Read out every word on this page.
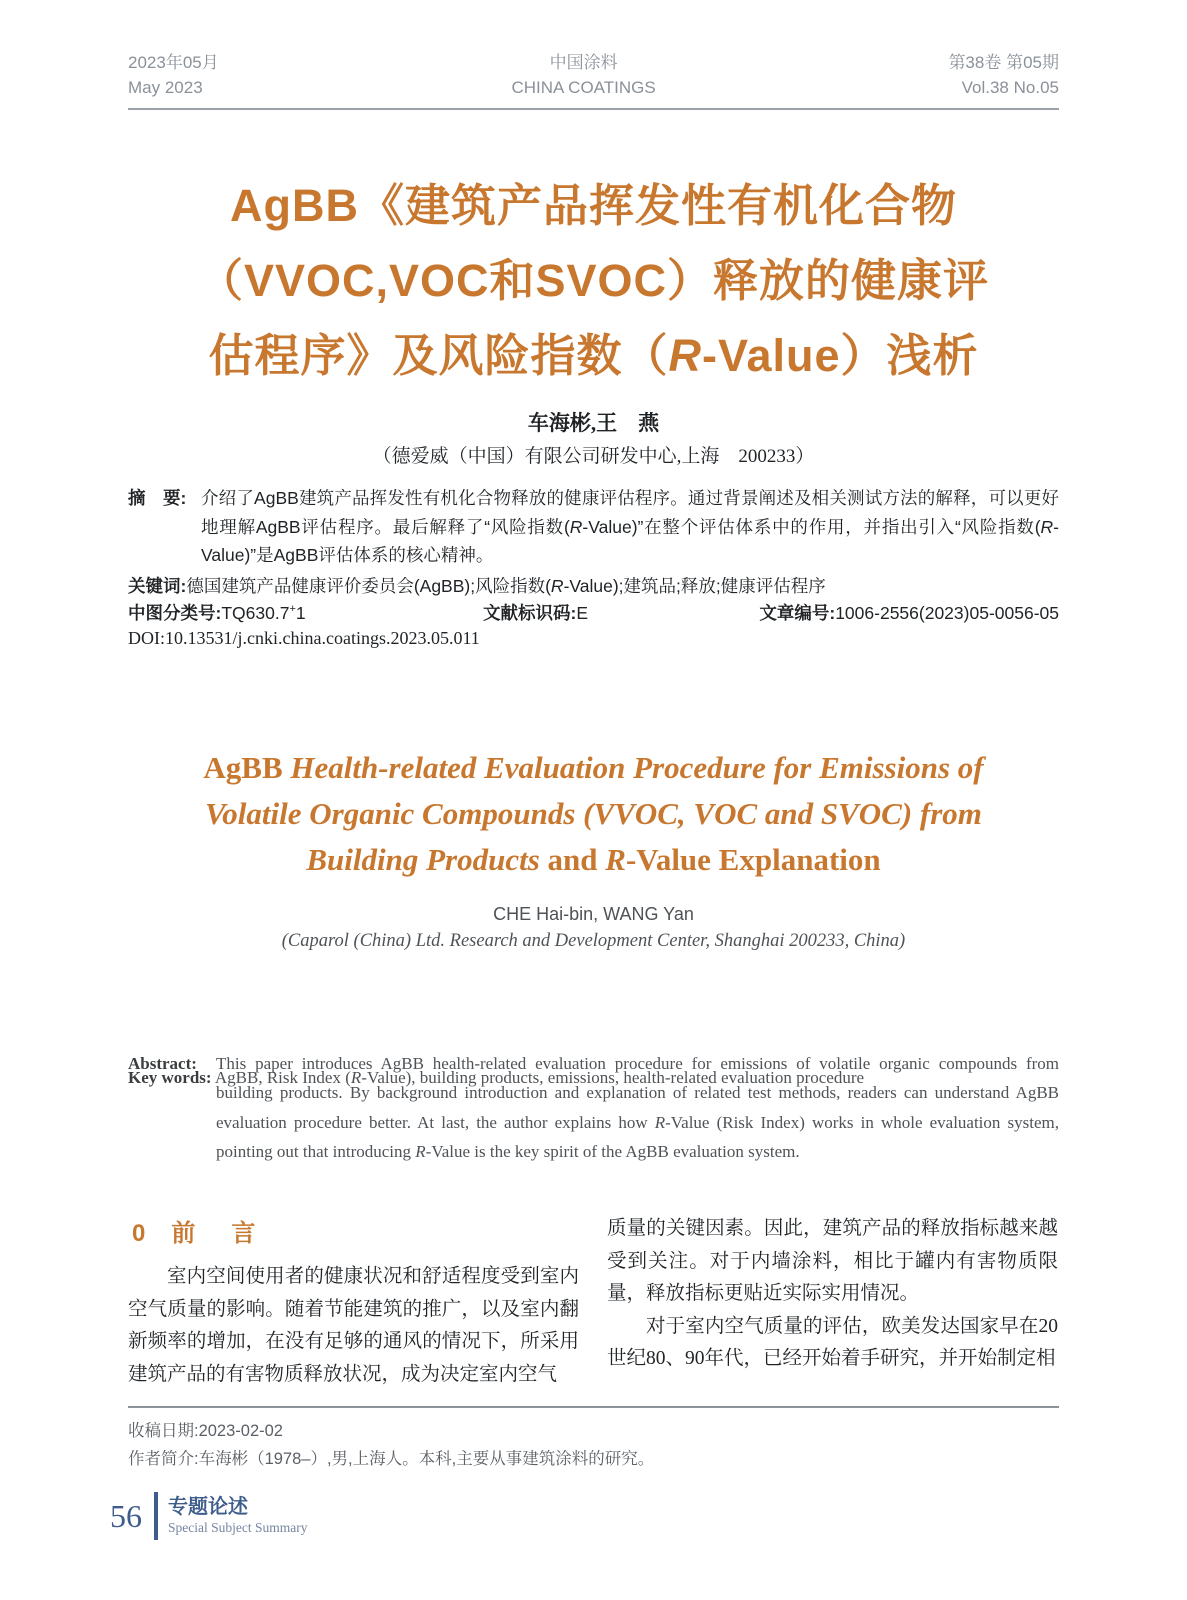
2023年05月
May 2023
中国涂料
CHINA COATINGS
第38卷 第05期
Vol.38 No.05
AgBB《建筑产品挥发性有机化合物
（VVOC,VOC和SVOC）释放的健康评
估程序》及风险指数（R-Value）浅析
车海彬,王　燕
（德爱威（中国）有限公司研发中心,上海　200233）
摘　要: 介绍了AgBB建筑产品挥发性有机化合物释放的健康评估程序。通过背景阐述及相关测试方法的解释，可以更好地理解AgBB评估程序。最后解释了“风险指数(R-Value)”在整个评估体系中的作用，并指出引入“风险指数(R-Value)”是AgBB评估体系的核心精神。
关键词:德国建筑产品健康评价委员会(AgBB);风险指数(R-Value);建筑品;释放;健康评估程序
中图分类号:TQ630.7+1	文献标识码:E	文章编号:1006-2556(2023)05-0056-05
DOI:10.13531/j.cnki.china.coatings.2023.05.011
AgBB Health-related Evaluation Procedure for Emissions of
Volatile Organic Compounds (VVOC, VOC and SVOC) from
Building Products and R-Value Explanation
CHE Hai-bin, WANG Yan
(Caparol (China) Ltd. Research and Development Center, Shanghai 200233, China)
Abstract: This paper introduces AgBB health-related evaluation procedure for emissions of volatile organic compounds from building products. By background introduction and explanation of related test methods, readers can understand AgBB evaluation procedure better. At last, the author explains how R-Value (Risk Index) works in whole evaluation system, pointing out that introducing R-Value is the key spirit of the AgBB evaluation system.
Key words: AgBB, Risk Index (R-Value), building products, emissions, health-related evaluation procedure
0 前　言

室内空间使用者的健康状况和舒适程度受到室内空气质量的影响。随着节能建筑的推广，以及室内翻新频率的增加，在没有足够的通风的情况下，所采用建筑产品的有害物质释放状况，成为决定室内空气

质量的关键因素。因此，建筑产品的释放指标越来越受到关注。对于内墙涂料，相比于罐内有害物质限量，释放指标更贴近实际实用情况。

对于室内空气质量的评估，欧美发达国家早在20世纪80、90年代，已经开始着手研究，并开始制定相

收稿日期:2023-02-02
作者简介:车海彬（1978–）,男,上海人。本科,主要从事建筑涂料的研究。
56 专题论述
Special Subject Summary
